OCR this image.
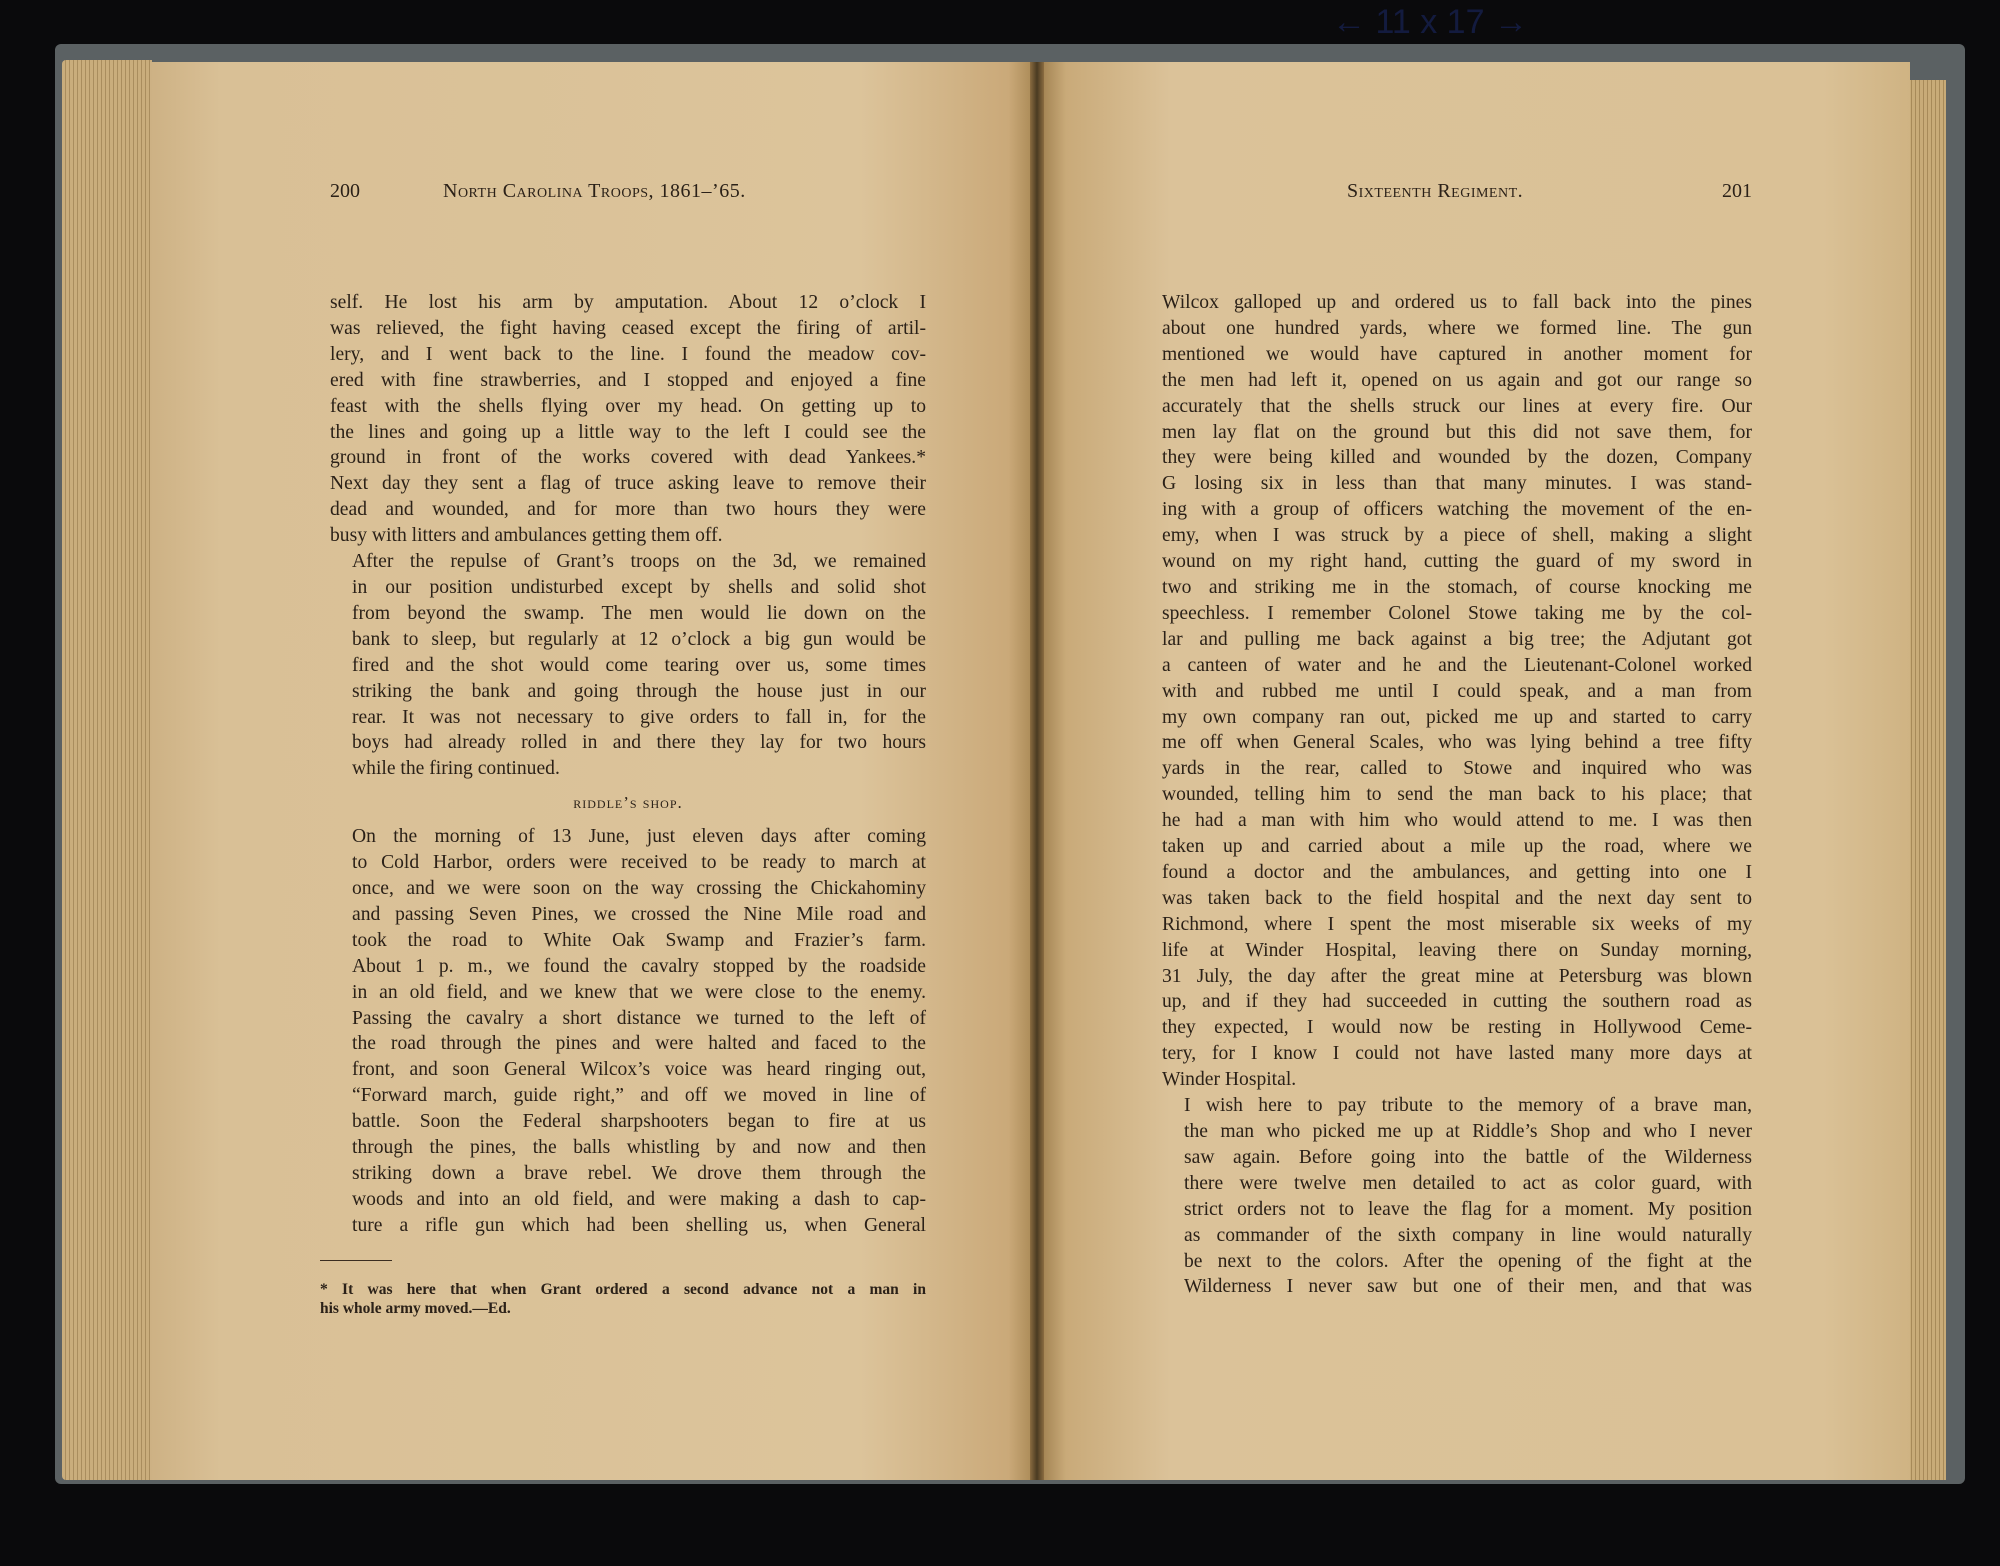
← 11 x 17 →
200	North Carolina Troops, 1861–’65.	Sixteenth Regiment.	201

self. He lost his arm by amputation. About 12 o’clock I
was relieved, the fight having ceased except the firing of artil-
lery, and I went back to the line. I found the meadow cov-
ered with fine strawberries, and I stopped and enjoyed a fine
feast with the shells flying over my head. On getting up to
the lines and going up a little way to the left I could see the
ground in front of the works covered with dead Yankees.*
Next day they sent a flag of truce asking leave to remove their
dead and wounded, and for more than two hours they were
busy with litters and ambulances getting them off.

After the repulse of Grant’s troops on the 3d, we remained
in our position undisturbed except by shells and solid shot
from beyond the swamp. The men would lie down on the
bank to sleep, but regularly at 12 o’clock a big gun would be
fired and the shot would come tearing over us, some times
striking the bank and going through the house just in our
rear. It was not necessary to give orders to fall in, for the
boys had already rolled in and there they lay for two hours
while the firing continued.

riddle’s shop.

On the morning of 13 June, just eleven days after coming
to Cold Harbor, orders were received to be ready to march at
once, and we were soon on the way crossing the Chickahominy
and passing Seven Pines, we crossed the Nine Mile road and
took the road to White Oak Swamp and Frazier’s farm.
About 1 p. m., we found the cavalry stopped by the roadside
in an old field, and we knew that we were close to the enemy.
Passing the cavalry a short distance we turned to the left of
the road through the pines and were halted and faced to the
front, and soon General Wilcox’s voice was heard ringing out,
“Forward march, guide right,” and off we moved in line of
battle. Soon the Federal sharpshooters began to fire at us
through the pines, the balls whistling by and now and then
striking down a brave rebel. We drove them through the
woods and into an old field, and were making a dash to cap-
ture a rifle gun which had been shelling us, when General

* It was here that when Grant ordered a second advance not a man in
his whole army moved.—Ed.

Wilcox galloped up and ordered us to fall back into the pines
about one hundred yards, where we formed line. The gun
mentioned we would have captured in another moment for
the men had left it, opened on us again and got our range so
accurately that the shells struck our lines at every fire. Our
men lay flat on the ground but this did not save them, for
they were being killed and wounded by the dozen, Company
G losing six in less than that many minutes. I was stand-
ing with a group of officers watching the movement of the en-
emy, when I was struck by a piece of shell, making a slight
wound on my right hand, cutting the guard of my sword in
two and striking me in the stomach, of course knocking me
speechless. I remember Colonel Stowe taking me by the col-
lar and pulling me back against a big tree; the Adjutant got
a canteen of water and he and the Lieutenant-Colonel worked
with and rubbed me until I could speak, and a man from
my own company ran out, picked me up and started to carry
me off when General Scales, who was lying behind a tree fifty
yards in the rear, called to Stowe and inquired who was
wounded, telling him to send the man back to his place; that
he had a man with him who would attend to me. I was then
taken up and carried about a mile up the road, where we
found a doctor and the ambulances, and getting into one I
was taken back to the field hospital and the next day sent to
Richmond, where I spent the most miserable six weeks of my
life at Winder Hospital, leaving there on Sunday morning,
31 July, the day after the great mine at Petersburg was blown
up, and if they had succeeded in cutting the southern road as
they expected, I would now be resting in Hollywood Ceme-
tery, for I know I could not have lasted many more days at
Winder Hospital.

I wish here to pay tribute to the memory of a brave man,
the man who picked me up at Riddle’s Shop and who I never
saw again. Before going into the battle of the Wilderness
there were twelve men detailed to act as color guard, with
strict orders not to leave the flag for a moment. My position
as commander of the sixth company in line would naturally
be next to the colors. After the opening of the fight at the
Wilderness I never saw but one of their men, and that was
